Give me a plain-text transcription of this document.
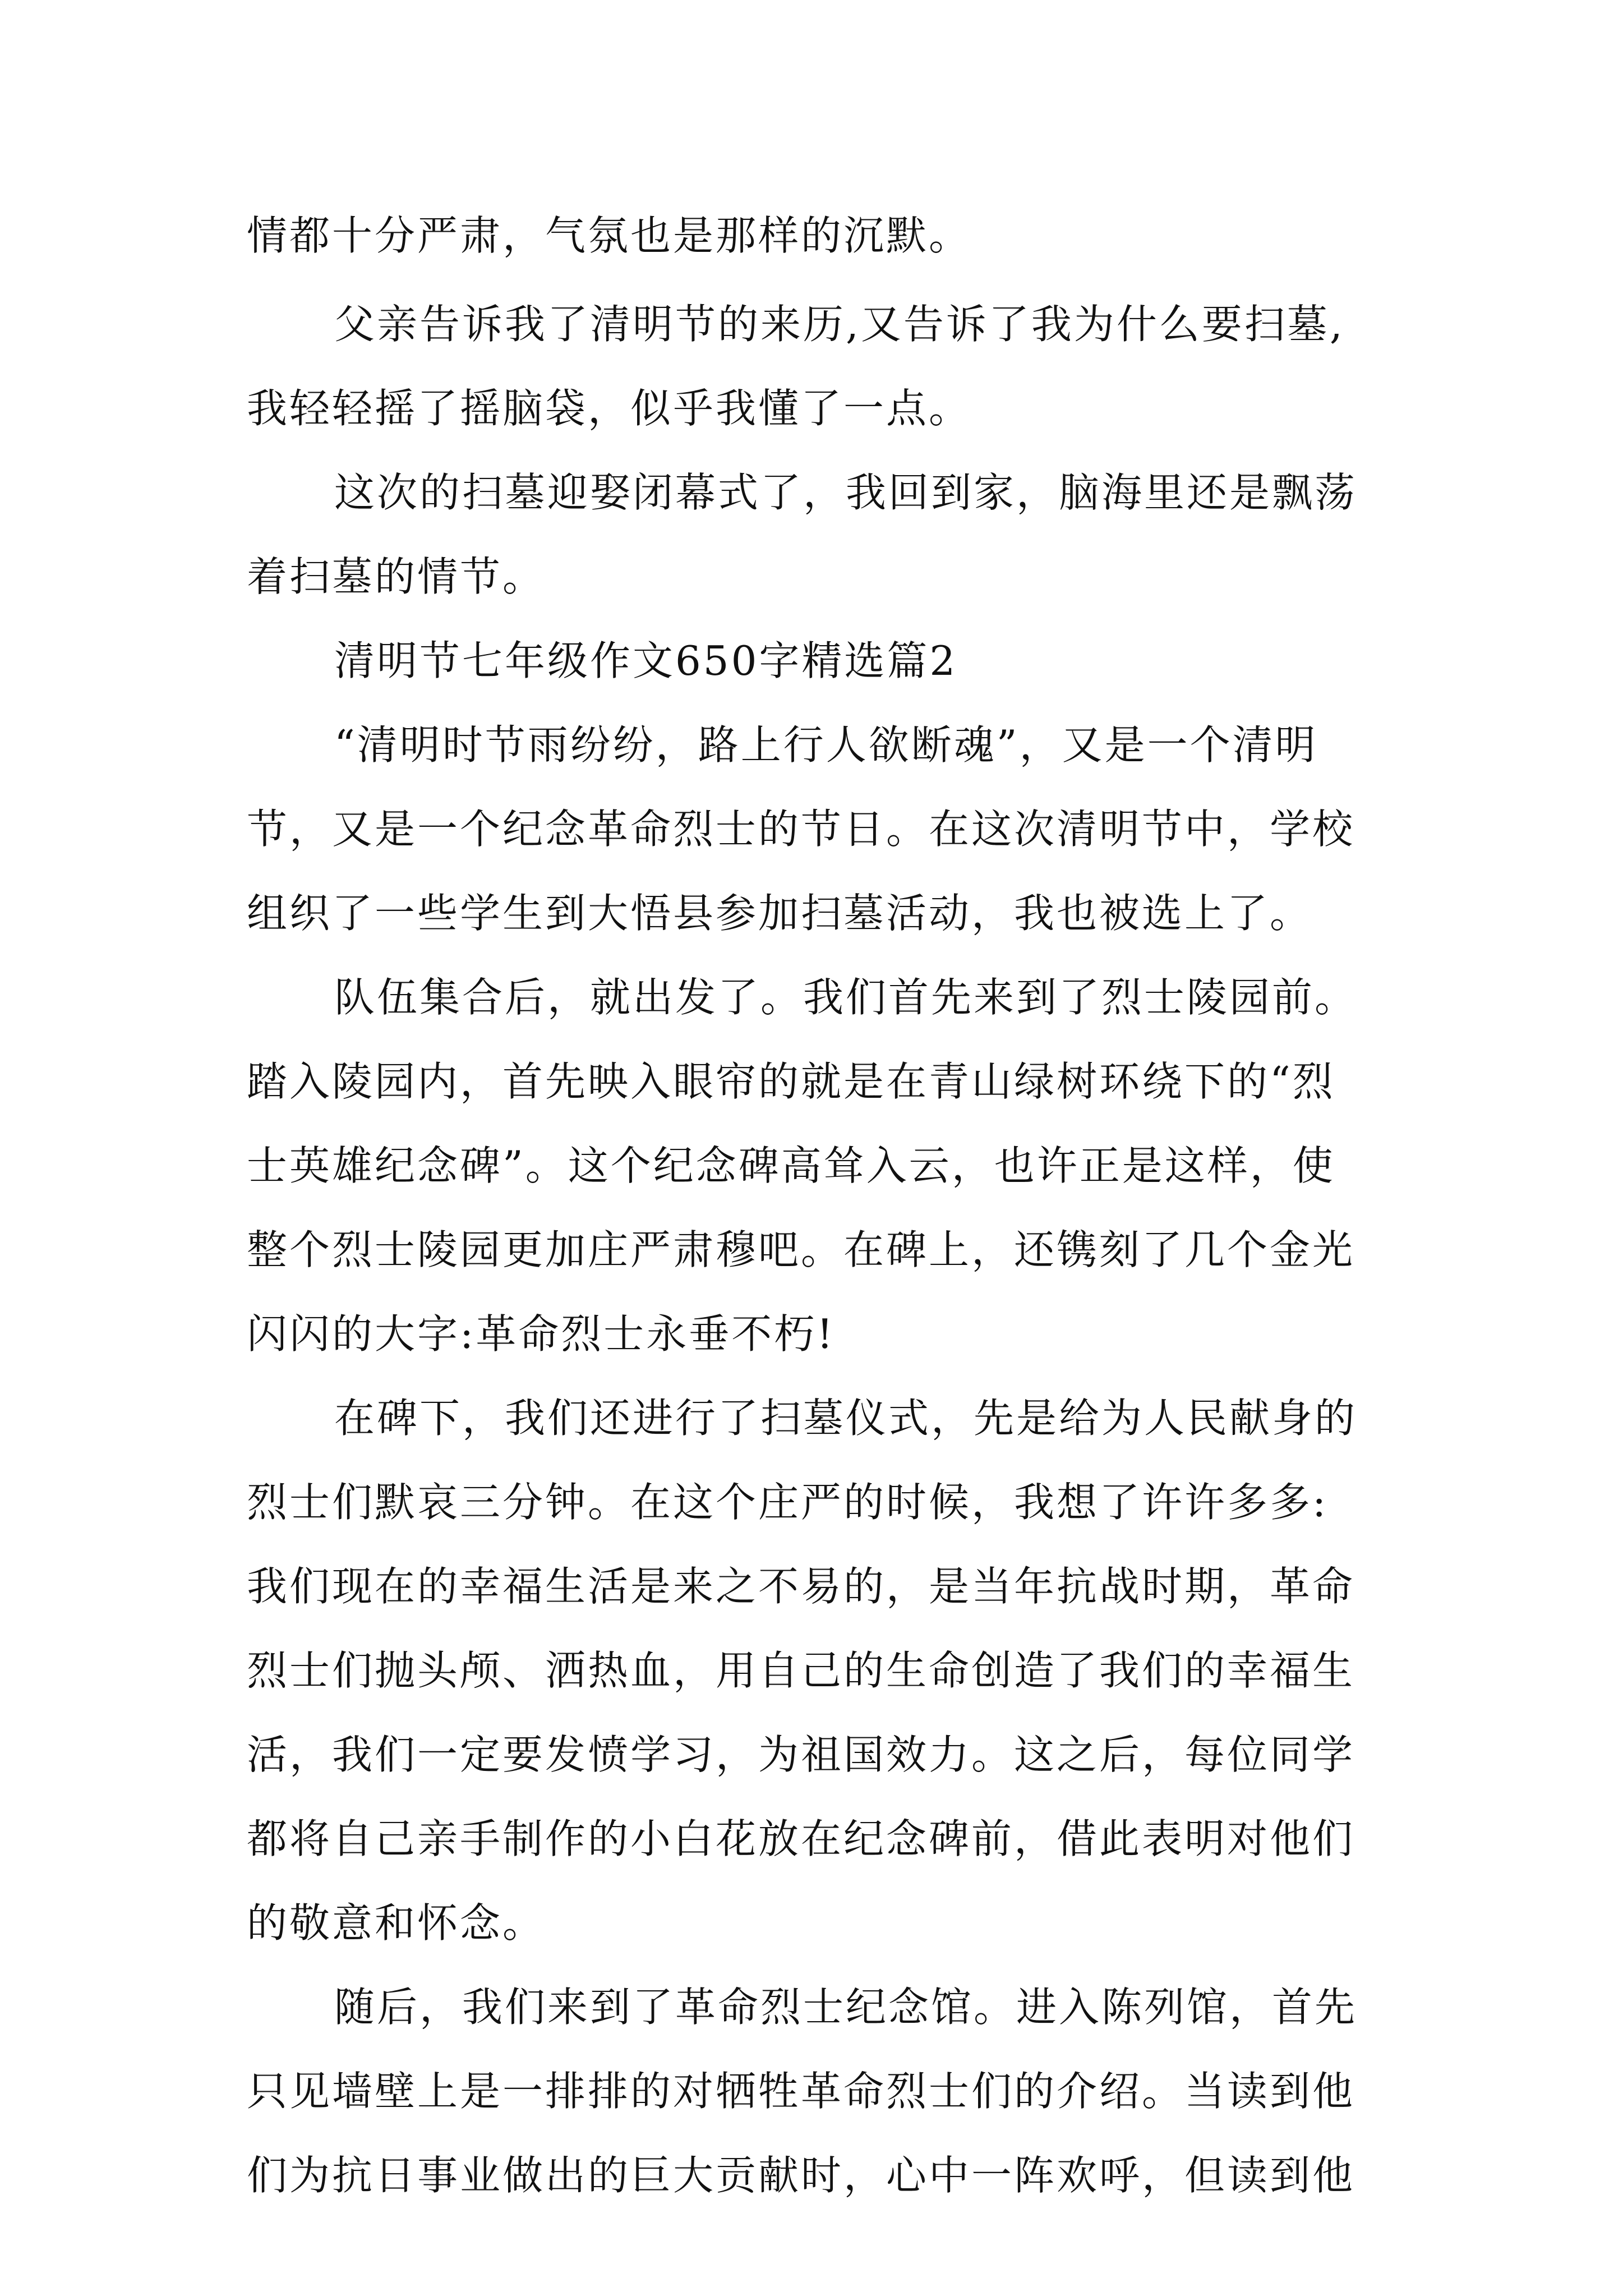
情都十分严肃，气氛也是那样的沉默。
父亲告诉我了清明节的来历,又告诉了我为什么要扫墓,
我轻轻摇了摇脑袋，似乎我懂了一点。
这次的扫墓迎娶闭幕式了，我回到家，脑海里还是飘荡
着扫墓的情节。
清明节七年级作文650字精选篇2
“清明时节雨纷纷，路上行人欲断魂”，又是一个清明
节，又是一个纪念革命烈士的节日。在这次清明节中，学校
组织了一些学生到大悟县参加扫墓活动，我也被选上了。
队伍集合后，就出发了。我们首先来到了烈士陵园前。
踏入陵园内，首先映入眼帘的就是在青山绿树环绕下的“烈
士英雄纪念碑”。这个纪念碑高耸入云，也许正是这样，使
整个烈士陵园更加庄严肃穆吧。在碑上，还镌刻了几个金光
闪闪的大字:革命烈士永垂不朽!
在碑下，我们还进行了扫墓仪式，先是给为人民献身的
烈士们默哀三分钟。在这个庄严的时候，我想了许许多多:
我们现在的幸福生活是来之不易的，是当年抗战时期，革命
烈士们抛头颅、洒热血，用自己的生命创造了我们的幸福生
活，我们一定要发愤学习，为祖国效力。这之后，每位同学
都将自己亲手制作的小白花放在纪念碑前，借此表明对他们
的敬意和怀念。
随后，我们来到了革命烈士纪念馆。进入陈列馆，首先
只见墙壁上是一排排的对牺牲革命烈士们的介绍。当读到他
们为抗日事业做出的巨大贡献时，心中一阵欢呼，但读到他
